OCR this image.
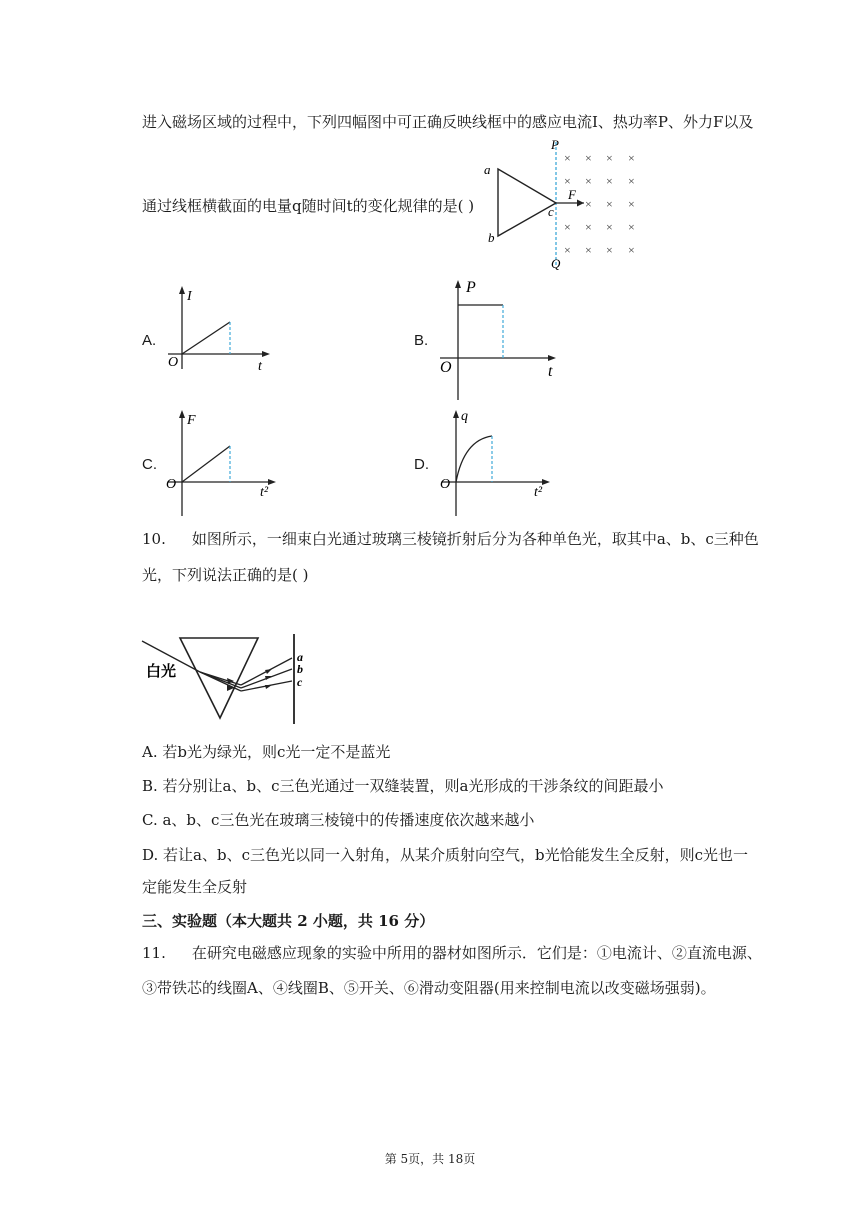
进入磁场区域的过程中，下列四幅图中可正确反映线框中的感应电流I、热功率P、外力F以及
通过线框横截面的电量q随时间t的变化规律的是( )
× × × ×
× × × ×
× × ×
× × × ×
× × × ×
P
Q
a
b
c
F
A.
I
t
O
B.
P
t
O
C.
F
t²
O
D.
q
t²
O
10. 如图所示，一细束白光通过玻璃三棱镜折射后分为各种单色光，取其中a、b、c三种色
光，下列说法正确的是( )
白光
a
b
c
A. 若b光为绿光，则c光一定不是蓝光
B. 若分别让a、b、c三色光通过一双缝装置，则a光形成的干涉条纹的间距最小
C. a、b、c三色光在玻璃三棱镜中的传播速度依次越来越小
D. 若让a、b、c三色光以同一入射角，从某介质射向空气，b光恰能发生全反射，则c光也一
定能发生全反射
三、实验题（本大题共 2 小题，共 16 分）
11. 在研究电磁感应现象的实验中所用的器材如图所示．它们是：①电流计、②直流电源、
③带铁芯的线圈A、④线圈B、⑤开关、⑥滑动变阻器(用来控制电流以改变磁场强弱)。
第 5页，共 18页
